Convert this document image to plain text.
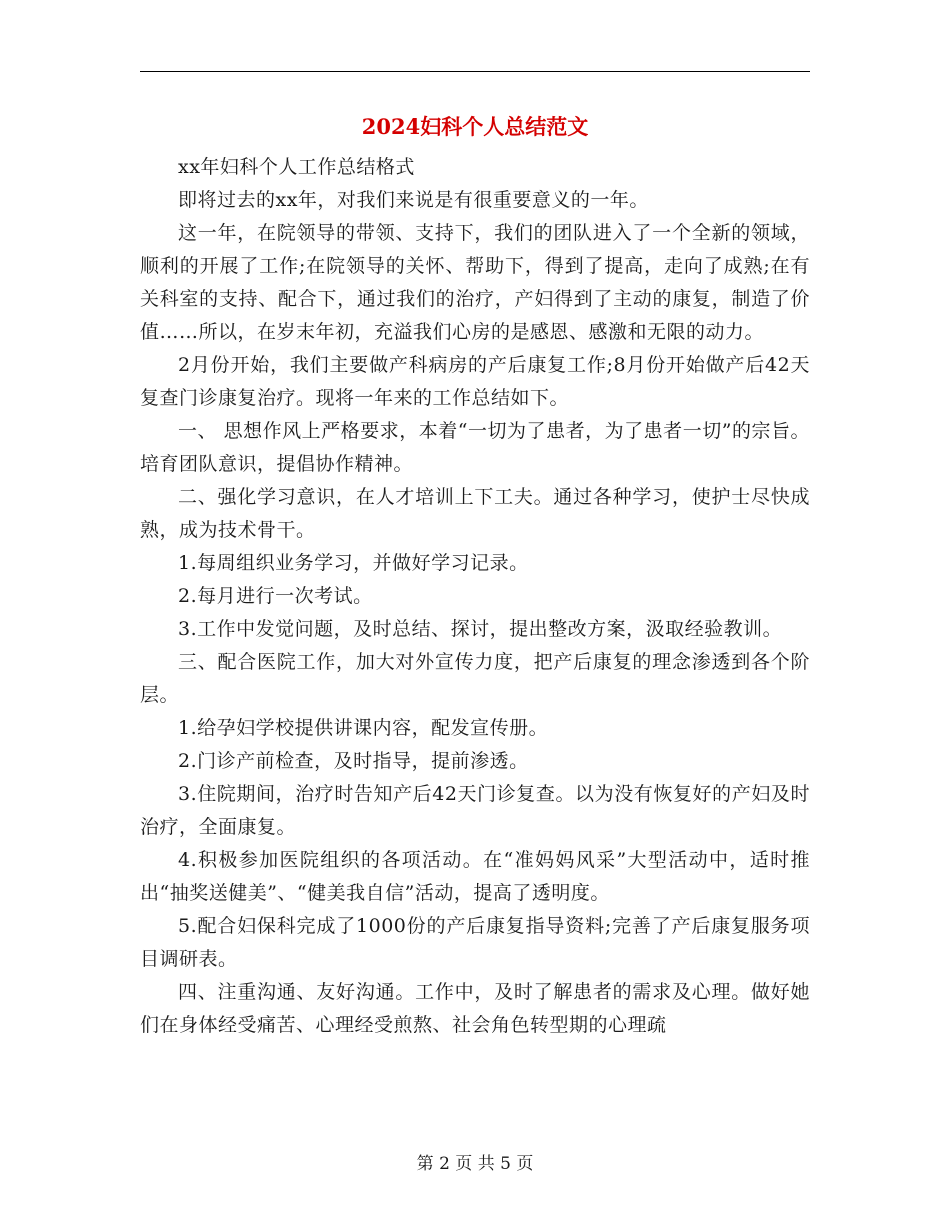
2024妇科个人总结范文

xx年妇科个人工作总结格式

即将过去的xx年，对我们来说是有很重要意义的一年。

这一年，在院领导的带领、支持下，我们的团队进入了一个全新的领域，顺利的开展了工作;在院领导的关怀、帮助下，得到了提高，走向了成熟;在有关科室的支持、配合下，通过我们的治疗，产妇得到了主动的康复，制造了价值……所以，在岁末年初，充溢我们心房的是感恩、感激和无限的动力。

2月份开始，我们主要做产科病房的产后康复工作;8月份开始做产后42天复查门诊康复治疗。现将一年来的工作总结如下。

一、 思想作风上严格要求，本着“一切为了患者，为了患者一切”的宗旨。培育团队意识，提倡协作精神。

二、强化学习意识，在人才培训上下工夫。通过各种学习，使护士尽快成熟，成为技术骨干。

1.每周组织业务学习，并做好学习记录。

2.每月进行一次考试。

3.工作中发觉问题，及时总结、探讨，提出整改方案，汲取经验教训。

三、配合医院工作，加大对外宣传力度，把产后康复的理念渗透到各个阶层。

1.给孕妇学校提供讲课内容，配发宣传册。

2.门诊产前检查，及时指导，提前渗透。

3.住院期间，治疗时告知产后42天门诊复查。以为没有恢复好的产妇及时治疗，全面康复。

4.积极参加医院组织的各项活动。在“准妈妈风采”大型活动中，适时推出“抽奖送健美”、“健美我自信”活动，提高了透明度。

5.配合妇保科完成了1000份的产后康复指导资料;完善了产后康复服务项目调研表。

四、注重沟通、友好沟通。工作中，及时了解患者的需求及心理。做好她们在身体经受痛苦、心理经受煎熬、社会角色转型期的心理疏

第 2 页 共 5 页
